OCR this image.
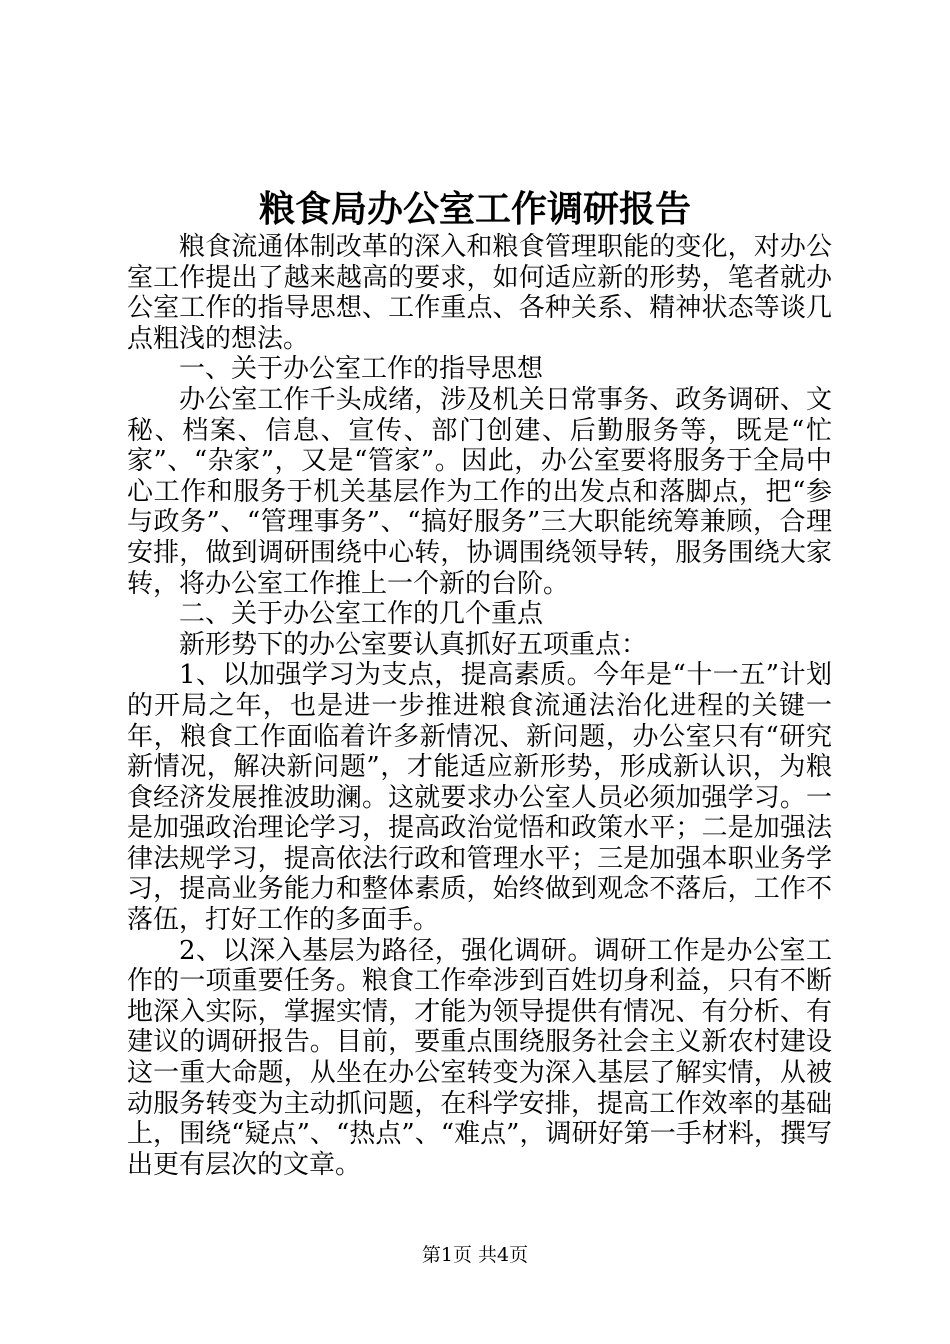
粮食局办公室工作调研报告

粮食流通体制改革的深入和粮食管理职能的变化，对办公室工作提出了越来越高的要求，如何适应新的形势，笔者就办公室工作的指导思想、工作重点、各种关系、精神状态等谈几点粗浅的想法。

一、关于办公室工作的指导思想

办公室工作千头成绪，涉及机关日常事务、政务调研、文秘、档案、信息、宣传、部门创建、后勤服务等，既是“忙家”、“杂家”，又是“管家”。因此，办公室要将服务于全局中心工作和服务于机关基层作为工作的出发点和落脚点，把“参与政务”、“管理事务”、“搞好服务”三大职能统筹兼顾，合理安排，做到调研围绕中心转，协调围绕领导转，服务围绕大家转，将办公室工作推上一个新的台阶。

二、关于办公室工作的几个重点

新形势下的办公室要认真抓好五项重点：

1、以加强学习为支点，提高素质。今年是“十一五”计划的开局之年，也是进一步推进粮食流通法治化进程的关键一年，粮食工作面临着许多新情况、新问题，办公室只有“研究新情况，解决新问题”，才能适应新形势，形成新认识，为粮食经济发展推波助澜。这就要求办公室人员必须加强学习。一是加强政治理论学习，提高政治觉悟和政策水平；二是加强法律法规学习，提高依法行政和管理水平；三是加强本职业务学习，提高业务能力和整体素质，始终做到观念不落后，工作不落伍，打好工作的多面手。

2、以深入基层为路径，强化调研。调研工作是办公室工作的一项重要任务。粮食工作牵涉到百姓切身利益，只有不断地深入实际，掌握实情，才能为领导提供有情况、有分析、有建议的调研报告。目前，要重点围绕服务社会主义新农村建设这一重大命题，从坐在办公室转变为深入基层了解实情，从被动服务转变为主动抓问题，在科学安排，提高工作效率的基础上，围绕“疑点”、“热点”、“难点”，调研好第一手材料，撰写出更有层次的文章。

第1页 共4页
